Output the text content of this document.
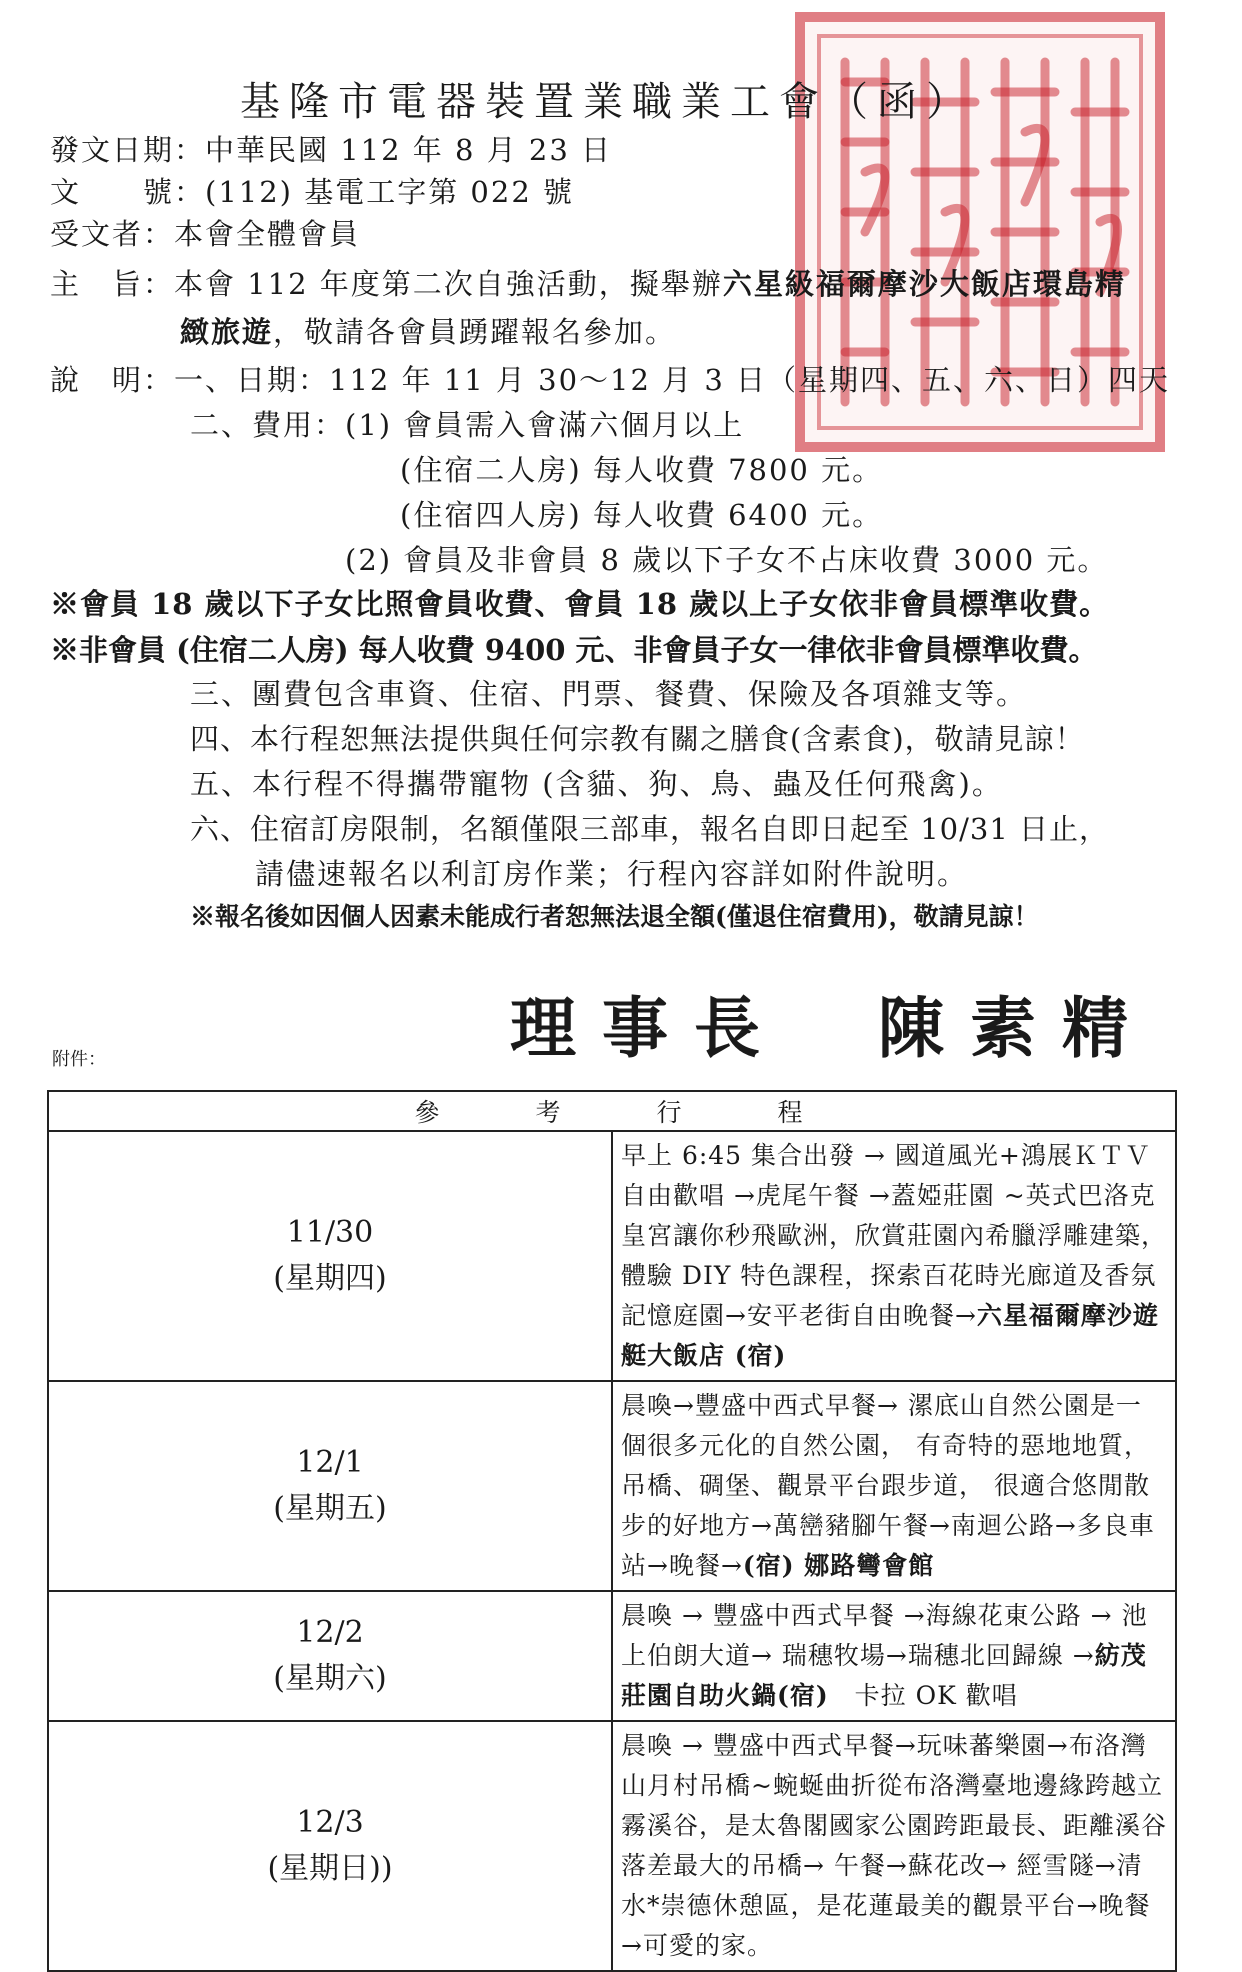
基隆市電器裝置業職業工會（函）
發文日期：中華民國 112 年 8 月 23 日
文　　號：(112) 基電工字第 022 號
受文者：本會全體會員
主　旨：本會 112 年度第二次自強活動，擬舉辦六星級福爾摩沙大飯店環島精
緻旅遊，敬請各會員踴躍報名參加。
說　明：一、日期：112 年 11 月 30～12 月 3 日（星期四、五、六、日）四天
二、費用：(1) 會員需入會滿六個月以上
(住宿二人房) 每人收費 7800 元。
(住宿四人房) 每人收費 6400 元。
(2) 會員及非會員 8 歲以下子女不占床收費 3000 元。
※會員 18 歲以下子女比照會員收費、會員 18 歲以上子女依非會員標準收費。
※非會員 (住宿二人房) 每人收費 9400 元、非會員子女一律依非會員標準收費。
三、團費包含車資、住宿、門票、餐費、保險及各項雜支等。
四、本行程恕無法提供與任何宗教有關之膳食(含素食)，敬請見諒！
五、本行程不得攜帶寵物 (含貓、狗、鳥、蟲及任何飛禽)。
六、住宿訂房限制，名額僅限三部車，報名自即日起至 10/31 日止，
請儘速報名以利訂房作業；行程內容詳如附件說明。
※報名後如因個人因素未能成行者恕無法退全額(僅退住宿費用)，敬請見諒！
理事長　陳素精
附件：
參考行程	

11/30
(星期四)	早上 6:45 集合出發 → 國道風光+鴻展ＫＴＶ自由歡唱 →虎尾午餐 →蓋婭莊園 ~英式巴洛克皇宮讓你秒飛歐洲，欣賞莊園內希臘浮雕建築，體驗 DIY 特色課程，探索百花時光廊道及香氛記憶庭園→安平老街自由晚餐→六星福爾摩沙遊艇大飯店 (宿)

12/1
(星期五)	晨喚→豐盛中西式早餐→ 漯底山自然公園是一個很多元化的自然公園， 有奇特的惡地地質，吊橋、碉堡、觀景平台跟步道， 很適合悠閒散步的好地方→萬巒豬腳午餐→南迴公路→多良車站→晚餐→(宿) 娜路彎會館

12/2
(星期六)	晨喚 → 豐盛中西式早餐 →海線花東公路 → 池上伯朗大道→ 瑞穗牧場→瑞穗北回歸線 →紡茂莊園自助火鍋(宿)　卡拉 OK 歡唱

12/3
(星期日))	晨喚 → 豐盛中西式早餐→玩味蕃樂園→布洛灣山月村吊橋~蜿蜒曲折從布洛灣臺地邊緣跨越立霧溪谷，是太魯閣國家公園跨距最長、距離溪谷落差最大的吊橋→ 午餐→蘇花改→ 經雪隧→清水*崇德休憩區，是花蓮最美的觀景平台→晚餐→可愛的家。
